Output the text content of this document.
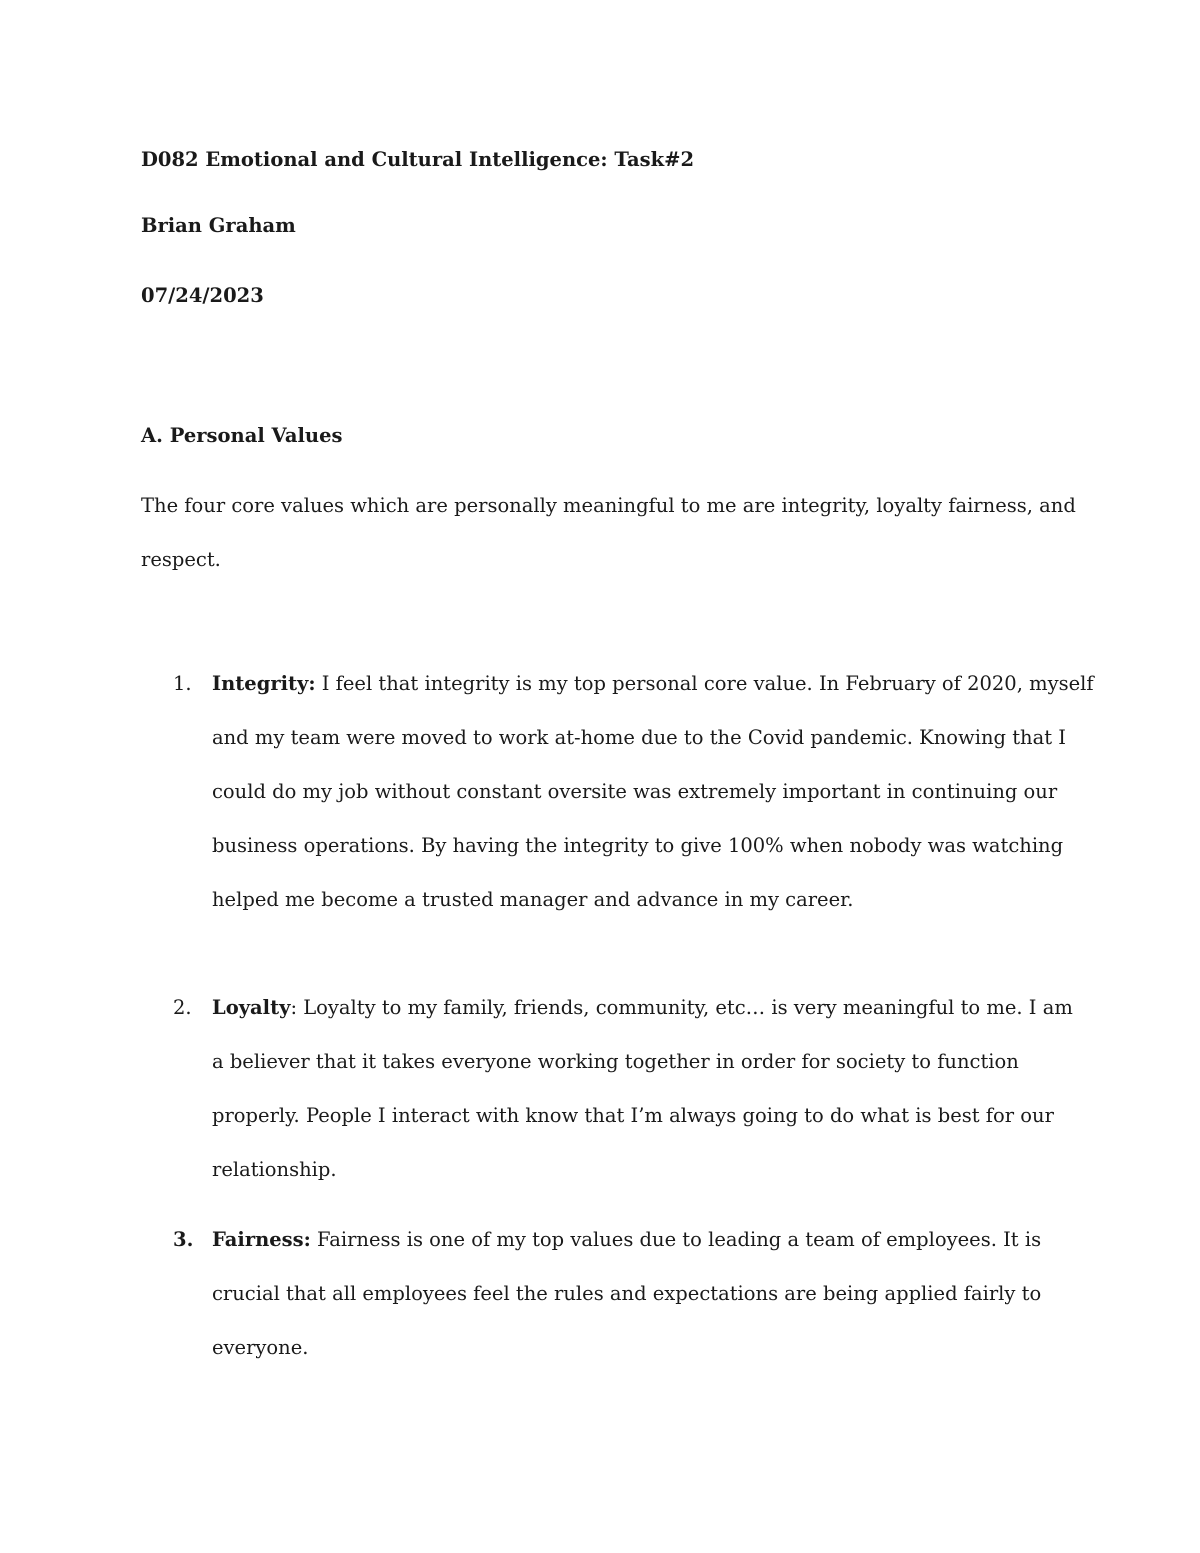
D082 Emotional and Cultural Intelligence: Task#2
Brian Graham
07/24/2023
A. Personal Values
The four core values which are personally meaningful to me are integrity, loyalty fairness, and
respect.
1. Integrity: I feel that integrity is my top personal core value. In February of 2020, myself
and my team were moved to work at-home due to the Covid pandemic. Knowing that I
could do my job without constant oversite was extremely important in continuing our
business operations. By having the integrity to give 100% when nobody was watching
helped me become a trusted manager and advance in my career.
2. Loyalty: Loyalty to my family, friends, community, etc… is very meaningful to me. I am
a believer that it takes everyone working together in order for society to function
properly. People I interact with know that I’m always going to do what is best for our
relationship.
3. Fairness: Fairness is one of my top values due to leading a team of employees. It is
crucial that all employees feel the rules and expectations are being applied fairly to
everyone.
